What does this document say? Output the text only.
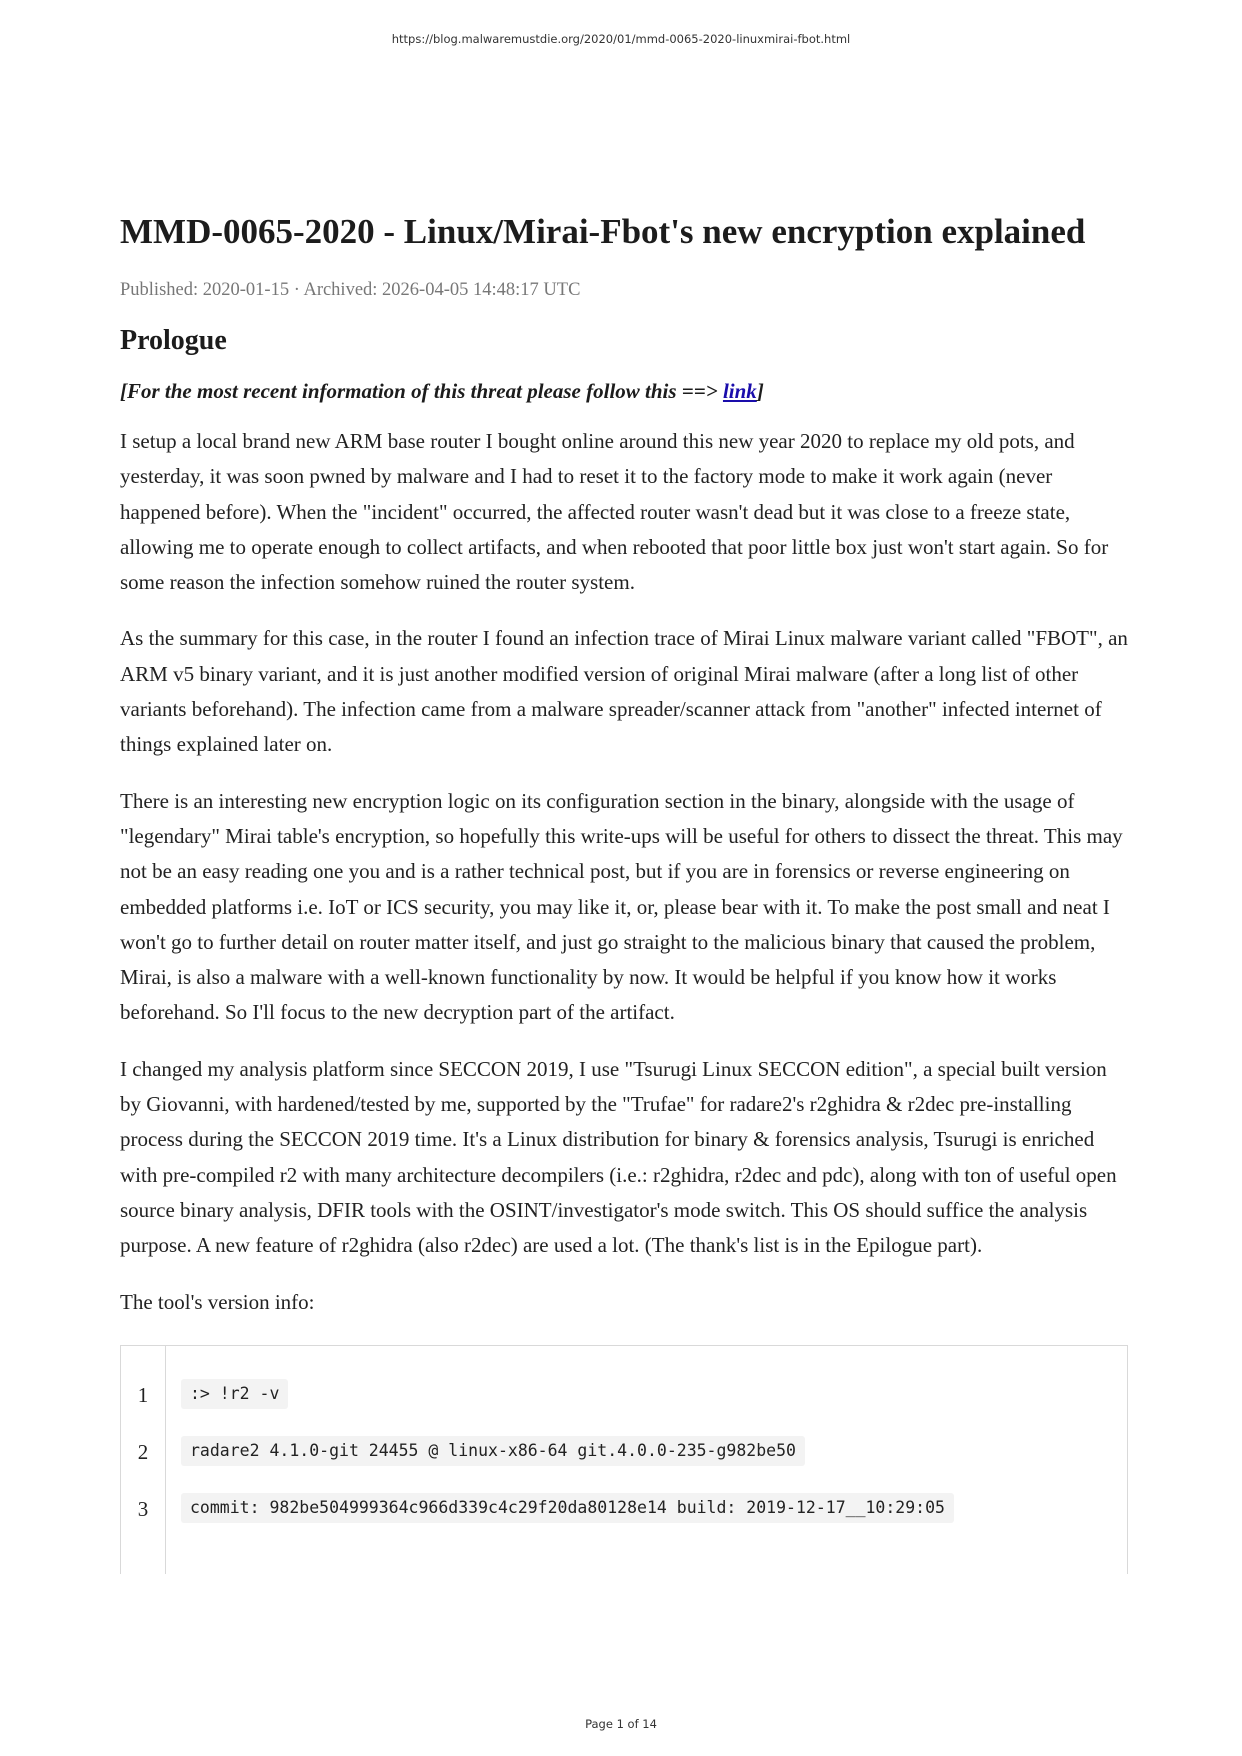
https://blog.malwaremustdie.org/2020/01/mmd-0065-2020-linuxmirai-fbot.html
MMD-0065-2020 - Linux/Mirai-Fbot's new encryption explained
Published: 2020-01-15 · Archived: 2026-04-05 14:48:17 UTC
Prologue
[For the most recent information of this threat please follow this ==> link]

I setup a local brand new ARM base router I bought online around this new year 2020 to replace my old pots, and yesterday, it was soon pwned by malware and I had to reset it to the factory mode to make it work again (never happened before). When the "incident" occurred, the affected router wasn't dead but it was close to a freeze state, allowing me to operate enough to collect artifacts, and when rebooted that poor little box just won't start again. So for some reason the infection somehow ruined the router system.

As the summary for this case, in the router I found an infection trace of Mirai Linux malware variant called "FBOT", an ARM v5 binary variant, and it is just another modified version of original Mirai malware (after a long list of other variants beforehand). The infection came from a malware spreader/scanner attack from "another" infected internet of things explained later on.

There is an interesting new encryption logic on its configuration section in the binary, alongside with the usage of "legendary" Mirai table's encryption, so hopefully this write-ups will be useful for others to dissect the threat. This may not be an easy reading one you and is a rather technical post, but if you are in forensics or reverse engineering on embedded platforms i.e. IoT or ICS security, you may like it, or, please bear with it. To make the post small and neat I won't go to further detail on router matter itself, and just go straight to the malicious binary that caused the problem, Mirai, is also a malware with a well-known functionality by now. It would be helpful if you know how it works beforehand. So I'll focus to the new decryption part of the artifact.

I changed my analysis platform since SECCON 2019, I use "Tsurugi Linux SECCON edition", a special built version by Giovanni, with hardened/tested by me, supported by the "Trufae" for radare2's r2ghidra & r2dec pre-installing process during the SECCON 2019 time. It's a Linux distribution for binary & forensics analysis, Tsurugi is enriched with pre-compiled r2 with many architecture decompilers (i.e.: r2ghidra, r2dec and pdc), along with ton of useful open source binary analysis, DFIR tools with the OSINT/investigator's mode switch. This OS should suffice the analysis purpose. A new feature of r2ghidra (also r2dec) are used a lot. (The thank's list is in the Epilogue part).

The tool's version info:

1	:> !r2 -v
2	radare2 4.1.0-git 24455 @ linux-x86-64 git.4.0.0-235-g982be50
3	commit: 982be504999364c966d339c4c29f20da80128e14 build: 2019-12-17__10:29:05
Page 1 of 14
